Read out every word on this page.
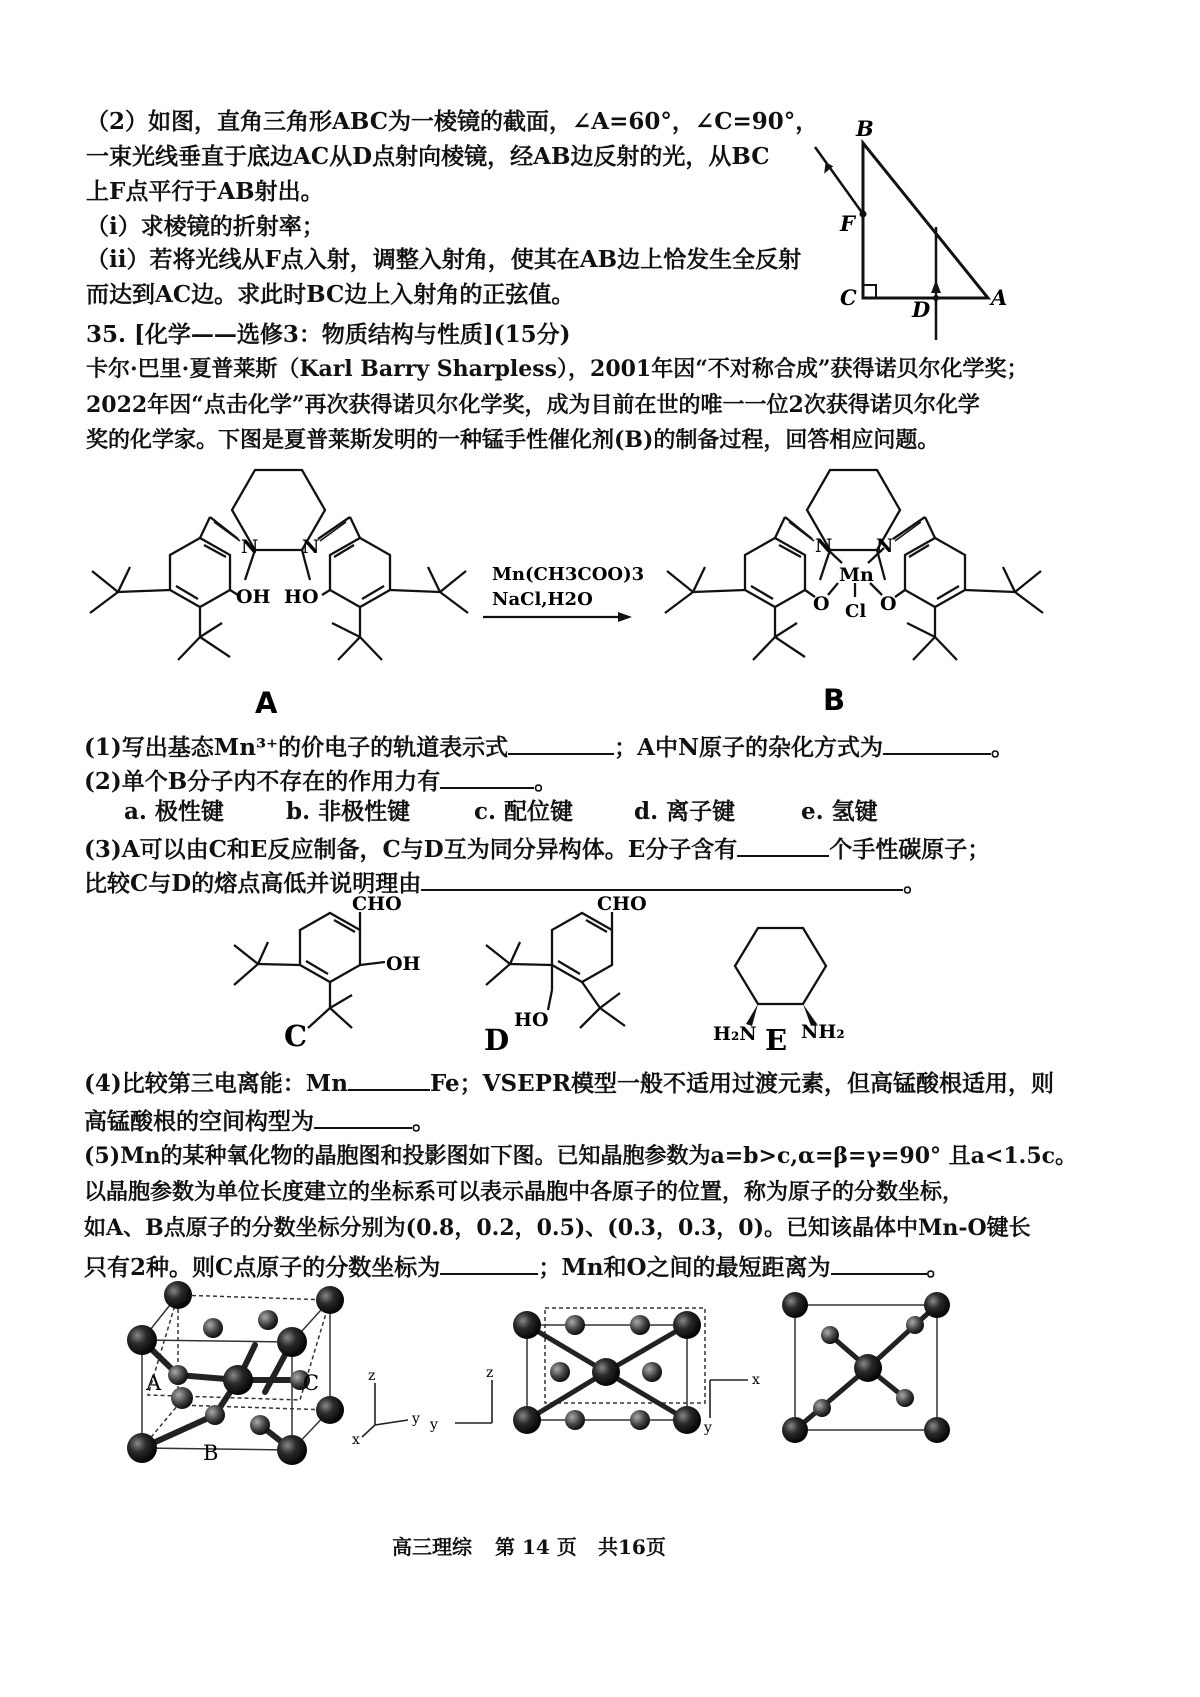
（2）如图，直角三角形ABC为一棱镜的截面，∠A=60°，∠C=90°，
一束光线垂直于底边AC从D点射向棱镜，经AB边反射的光，从BC
上F点平行于AB射出。
（i）求棱镜的折射率；
（ii）若将光线从F点入射，调整入射角，使其在AB边上恰发生全反射
而达到AC边。求此时BC边上入射角的正弦值。
B
F
C	D	A
35. [化学——选修3：物质结构与性质](15分)
卡尔·巴里·夏普莱斯（Karl Barry Sharpless），2001年因“不对称合成”获得诺贝尔化学奖；
2022年因“点击化学”再次获得诺贝尔化学奖，成为目前在世的唯一一位2次获得诺贝尔化学
奖的化学家。下图是夏普莱斯发明的一种锰手性催化剂(B)的制备过程，回答相应问题。
N N
OH HO
Mn(CH3COO)3
NaCl,H2O
N N
Mn
O	O
Cl
A	B
(1)写出基态Mn³⁺的价电子的轨道表示式	；A中N原子的杂化方式为	。
(2)单个B分子内不存在的作用力有	。
a. 极性键	b. 非极性键	c. 配位键	d. 离子键	e. 氢键
(3)A可以由C和E反应制备，C与D互为同分异构体。E分子含有	个手性碳原子；
比较C与D的熔点高低并说明理由	。
CHO
OH
CHO
HO
H₂N NH₂
C	D	E
(4)比较第三电离能：Mn	Fe；VSEPR模型一般不适用过渡元素，但高锰酸根适用，则
高锰酸根的空间构型为	。
(5)Mn的某种氧化物的晶胞图和投影图如下图。已知晶胞参数为a=b>c,α=β=γ=90° 且a<1.5c。
以晶胞参数为单位长度建立的坐标系可以表示晶胞中各原子的位置，称为原子的分数坐标，
如A、B点原子的分数坐标分别为(0.8，0.2，0.5)、(0.3，0.3，0)。已知该晶体中Mn-O键长
只有2种。则C点原子的分数坐标为	；Mn和O之间的最短距离为	。
A
B
C	z
y
x
z
y
x
y
高三理综 第 14 页 共16页
